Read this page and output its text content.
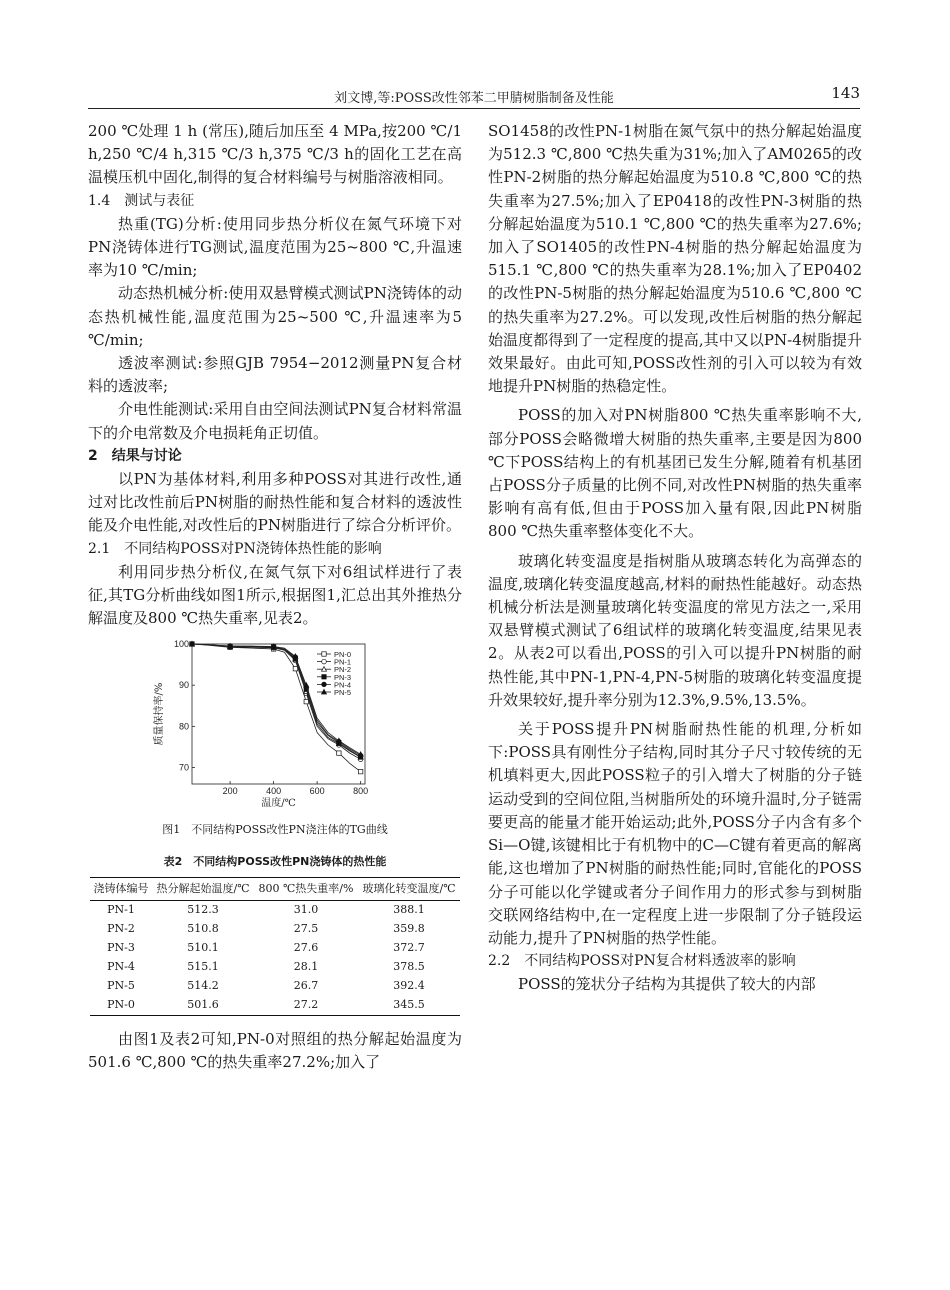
刘文博,等:POSS改性邻苯二甲腈树脂制备及性能	143

200 ℃处理 1 h (常压),随后加压至 4 MPa,按200 ℃/1 h,250 ℃/4 h,315 ℃/3 h,375 ℃/3 h的固化工艺在高温模压机中固化,制得的复合材料编号与树脂溶液相同。

1.4 测试与表征

热重(TG)分析:使用同步热分析仪在氮气环境下对PN浇铸体进行TG测试,温度范围为25~800 ℃,升温速率为10 ℃/min;

动态热机械分析:使用双悬臂模式测试PN浇铸体的动态热机械性能,温度范围为25~500 ℃,升温速率为5 ℃/min;

透波率测试:参照GJB 7954−2012测量PN复合材料的透波率;

介电性能测试:采用自由空间法测试PN复合材料常温下的介电常数及介电损耗角正切值。

2 结果与讨论

以PN为基体材料,利用多种POSS对其进行改性,通过对比改性前后PN树脂的耐热性能和复合材料的透波性能及介电性能,对改性后的PN树脂进行了综合分析评价。

2.1 不同结构POSS对PN浇铸体热性能的影响

利用同步热分析仪,在氮气氛下对6组试样进行了表征,其TG分析曲线如图1所示,根据图1,汇总出其外推热分解温度及800 ℃热失重率,见表2。

200	400	600	800
70
80
90
100
温度/℃
质量保持率/%
PN-0
PN-1
PN-2
PN-3
PN-4
PN-5
图1　不同结构POSS改性PN浇注体的TG曲线
表2　不同结构POSS改性PN浇铸体的热性能
浇铸体编号	热分解起始温度/℃	800 ℃热失重率/%	玻璃化转变温度/℃
PN-1	512.3	31.0	388.1
PN-2	510.8	27.5	359.8
PN-3	510.1	27.6	372.7
PN-4	515.1	28.1	378.5
PN-5	514.2	26.7	392.4
PN-0	501.6	27.2	345.5

由图1及表2可知,PN-0对照组的热分解起始温度为501.6 ℃,800 ℃的热失重率27.2%;加入了

SO1458的改性PN-1树脂在氮气氛中的热分解起始温度为512.3 ℃,800 ℃热失重为31%;加入了AM0265的改性PN-2树脂的热分解起始温度为510.8 ℃,800 ℃的热失重率为27.5%;加入了EP0418的改性PN-3树脂的热分解起始温度为510.1 ℃,800 ℃的热失重率为27.6%;加入了SO1405的改性PN-4树脂的热分解起始温度为515.1 ℃,800 ℃的热失重率为28.1%;加入了EP0402的改性PN-5树脂的热分解起始温度为510.6 ℃,800 ℃的热失重率为27.2%。可以发现,改性后树脂的热分解起始温度都得到了一定程度的提高,其中又以PN-4树脂提升效果最好。由此可知,POSS改性剂的引入可以较为有效地提升PN树脂的热稳定性。

POSS的加入对PN树脂800 ℃热失重率影响不大,部分POSS会略微增大树脂的热失重率,主要是因为800 ℃下POSS结构上的有机基团已发生分解,随着有机基团占POSS分子质量的比例不同,对改性PN树脂的热失重率影响有高有低,但由于POSS加入量有限,因此PN树脂800 ℃热失重率整体变化不大。

玻璃化转变温度是指树脂从玻璃态转化为高弹态的温度,玻璃化转变温度越高,材料的耐热性能越好。动态热机械分析法是测量玻璃化转变温度的常见方法之一,采用双悬臂模式测试了6组试样的玻璃化转变温度,结果见表2。从表2可以看出,POSS的引入可以提升PN树脂的耐热性能,其中PN-1,PN-4,PN-5树脂的玻璃化转变温度提升效果较好,提升率分别为12.3%,9.5%,13.5%。

关于POSS提升PN树脂耐热性能的机理,分析如下:POSS具有刚性分子结构,同时其分子尺寸较传统的无机填料更大,因此POSS粒子的引入增大了树脂的分子链运动受到的空间位阻,当树脂所处的环境升温时,分子链需要更高的能量才能开始运动;此外,POSS分子内含有多个Si—O键,该键相比于有机物中的C—C键有着更高的解离能,这也增加了PN树脂的耐热性能;同时,官能化的POSS分子可能以化学键或者分子间作用力的形式参与到树脂交联网络结构中,在一定程度上进一步限制了分子链段运动能力,提升了PN树脂的热学性能。

2.2 不同结构POSS对PN复合材料透波率的影响

POSS的笼状分子结构为其提供了较大的内部
